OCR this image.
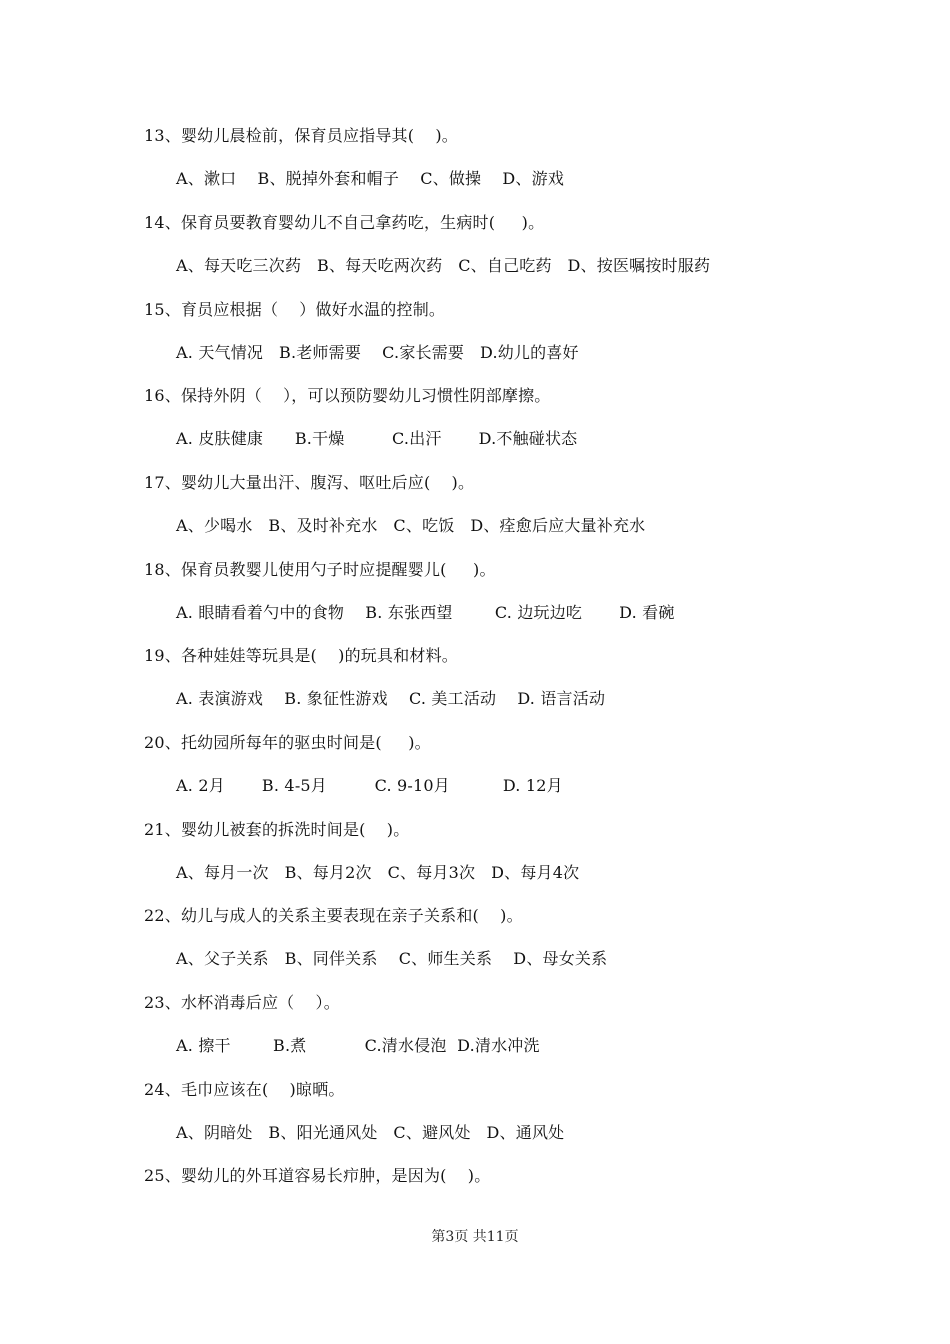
13、婴幼儿晨检前，保育员应指导其(    )。
A、漱口    B、脱掉外套和帽子    C、做操    D、游戏
14、保育员要教育婴幼儿不自己拿药吃，生病时(     )。
A、每天吃三次药   B、每天吃两次药   C、自己吃药   D、按医嘱按时服药
15、育员应根据（    ）做好水温的控制。
A. 天气情况   B.老师需要    C.家长需要   D.幼儿的喜好
16、保持外阴（    ），可以预防婴幼儿习惯性阴部摩擦。
A. 皮肤健康      B.干燥         C.出汗       D.不触碰状态
17、婴幼儿大量出汗、腹泻、呕吐后应(    )。
A、少喝水   B、及时补充水   C、吃饭   D、痊愈后应大量补充水
18、保育员教婴儿使用勺子时应提醒婴儿(     )。
A. 眼睛看着勺中的食物    B. 东张西望        C. 边玩边吃       D. 看碗
19、各种娃娃等玩具是(    )的玩具和材料。
A. 表演游戏    B. 象征性游戏    C. 美工活动    D. 语言活动
20、托幼园所每年的驱虫时间是(     )。
A. 2月       B. 4-5月         C. 9-10月          D. 12月
21、婴幼儿被套的拆洗时间是(    )。
A、每月一次   B、每月2次   C、每月3次   D、每月4次
22、幼儿与成人的关系主要表现在亲子关系和(    )。
A、父子关系   B、同伴关系    C、师生关系    D、母女关系
23、水杯消毒后应（    ）。
A. 擦干        B.煮           C.清水侵泡  D.清水冲洗
24、毛巾应该在(    )晾晒。
A、阴暗处   B、阳光通风处   C、避风处   D、通风处
25、婴幼儿的外耳道容易长疖肿，是因为(    )。
第3页 共11页
